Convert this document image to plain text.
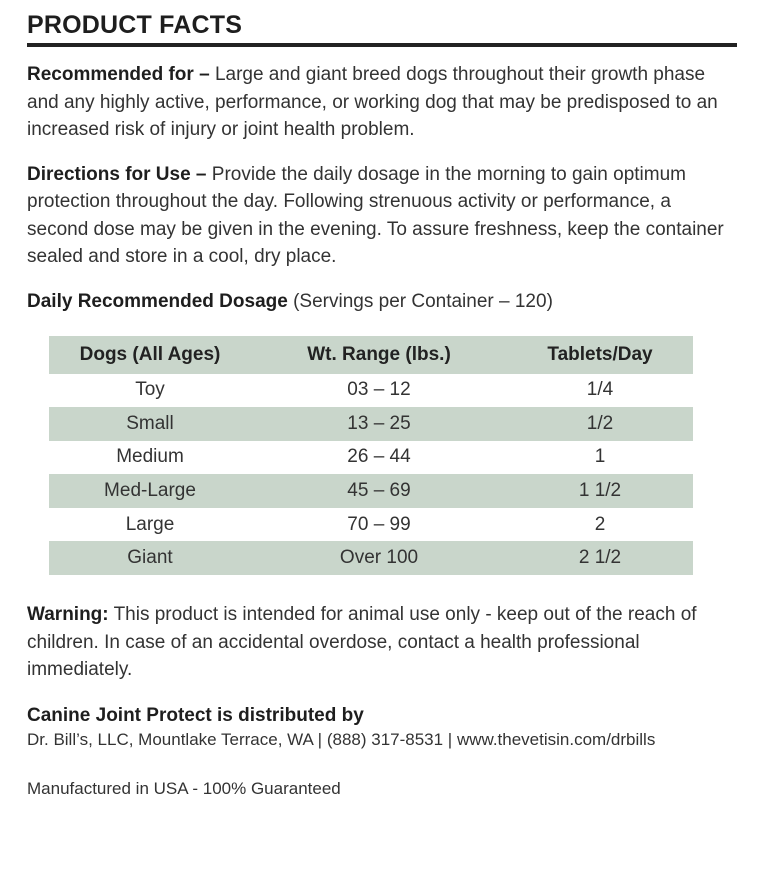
PRODUCT FACTS

Recommended for – Large and giant breed dogs throughout their growth phase and any highly active, performance, or working dog that may be predisposed to an increased risk of injury or joint health problem.

Directions for Use – Provide the daily dosage in the morning to gain optimum protection throughout the day. Following strenuous activity or performance, a second dose may be given in the evening. To assure freshness, keep the container sealed and store in a cool, dry place.

Daily Recommended Dosage (Servings per Container – 120)

Dogs (All Ages)	Wt. Range (lbs.)	Tablets/Day
Toy	03 – 12	1/4
Small	13 – 25	1/2
Medium	26 – 44	1
Med-Large	45 – 69	1 1/2
Large	70 – 99	2
Giant	Over 100	2 1/2

Warning: This product is intended for animal use only - keep out of the reach of children. In case of an accidental overdose, contact a health professional immediately.

Canine Joint Protect is distributed by

Dr. Bill’s, LLC, Mountlake Terrace, WA | (888) 317-8531 | www.thevetisin.com/drbills

Manufactured in USA - 100% Guaranteed
